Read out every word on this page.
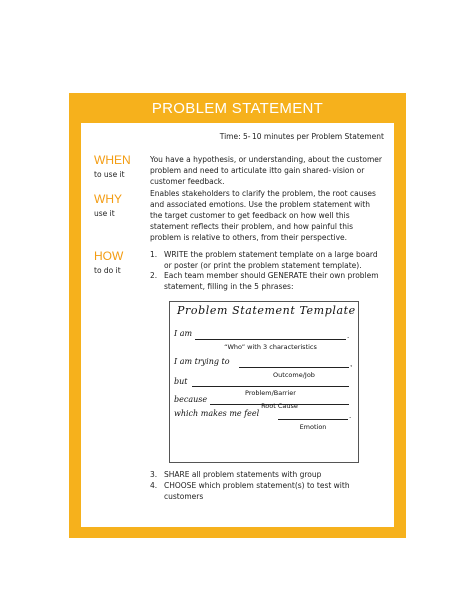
PROBLEM STATEMENT
Time: 5- 10 minutes per Problem Statement
WHEN
to use it
You have a hypothesis, or understanding, about the customer problem and need to articulate itto gain shared- vision or customer feedback.
WHY
use it
Enables stakeholders to clarify the problem, the root causes and associated emotions. Use the problem statement with the target customer to get feedback on how well this statement reflects their problem, and how painful this problem is relative to others, from their perspective.
HOW
to do it
1. WRITE the problem statement template on a large board or poster (or print the problem statement template).
2. Each team member should GENERATE their own problem statement, filling in the 5 phrases:
Problem Statement Template
I am	.
“Who” with 3 characteristics
I am trying to	,
Outcome/Job
but
Problem/Barrier
because
Root Cause
which makes me feel	.
Emotion
3. SHARE all problem statements with group
4. CHOOSE which problem statement(s) to test with customers
